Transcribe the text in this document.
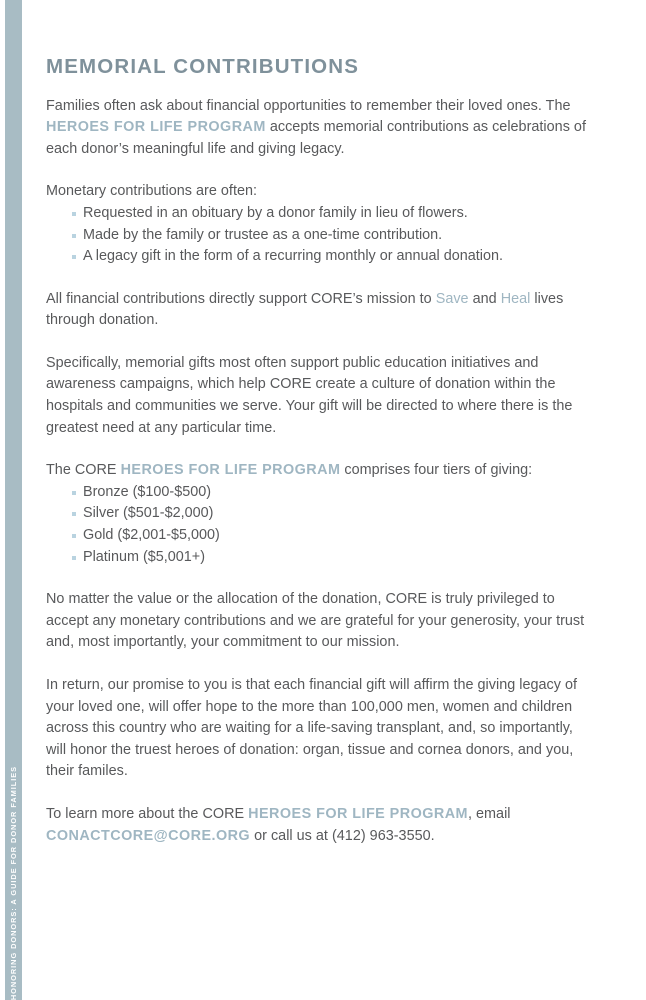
HONORING DONORS: A GUIDE FOR DONOR FAMILIES
MEMORIAL CONTRIBUTIONS

Families often ask about financial opportunities to remember their loved ones. The HEROES FOR LIFE PROGRAM accepts memorial contributions as celebrations of each donor’s meaningful life and giving legacy.

Monetary contributions are often:

Requested in an obituary by a donor family in lieu of flowers.
Made by the family or trustee as a one-time contribution.
A legacy gift in the form of a recurring monthly or annual donation.

All financial contributions directly support CORE’s mission to Save and Heal lives through donation.

Specifically, memorial gifts most often support public education initiatives and awareness campaigns, which help CORE create a culture of donation within the hospitals and communities we serve. Your gift will be directed to where there is the greatest need at any particular time.

The CORE HEROES FOR LIFE PROGRAM comprises four tiers of giving:

Bronze ($100-$500)
Silver ($501-$2,000)
Gold ($2,001-$5,000)
Platinum ($5,001+)

No matter the value or the allocation of the donation, CORE is truly privileged to accept any monetary contributions and we are grateful for your generosity, your trust and, most importantly, your commitment to our mission.

In return, our promise to you is that each financial gift will affirm the giving legacy of your loved one, will offer hope to the more than 100,000 men, women and children across this country who are waiting for a life-saving transplant, and, so importantly, will honor the truest heroes of donation: organ, tissue and cornea donors, and you, their familes.

To learn more about the CORE HEROES FOR LIFE PROGRAM, email CONACTCORE@CORE.ORG or call us at (412) 963-3550.
